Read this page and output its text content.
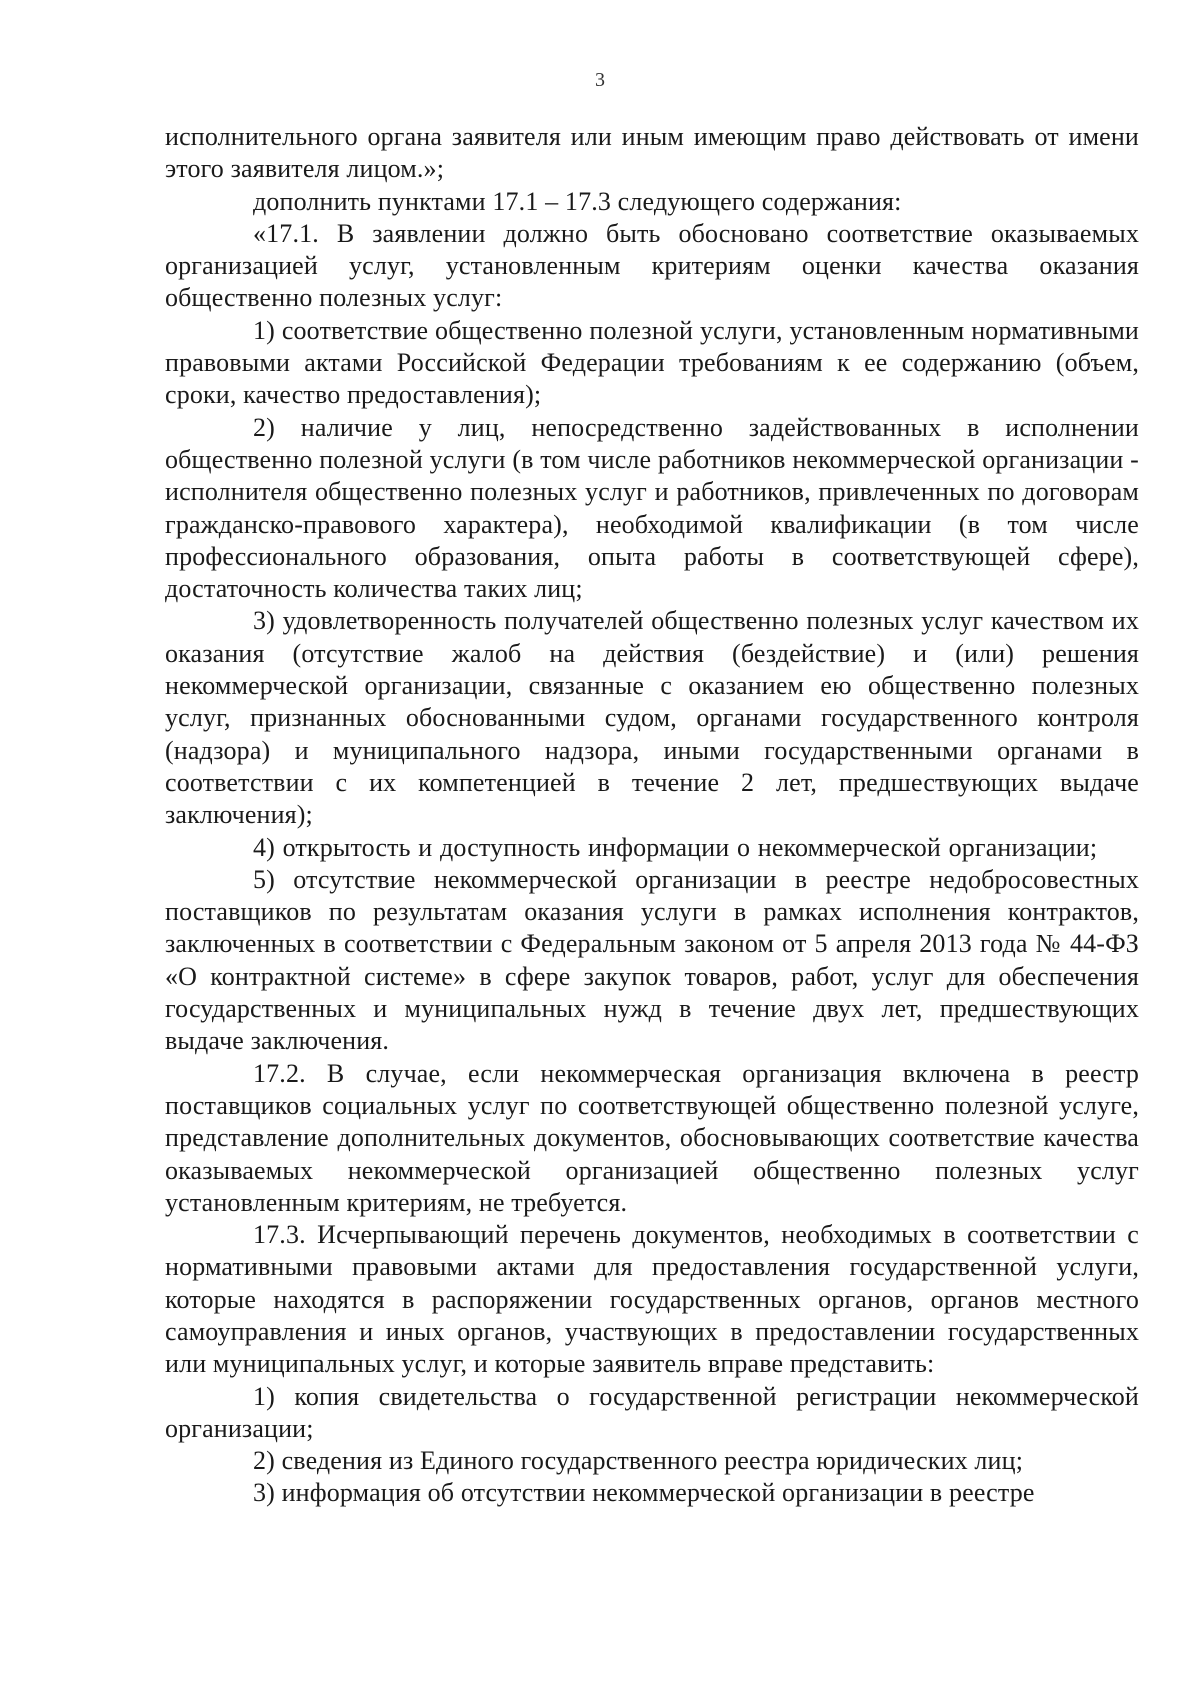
3

исполнительного органа заявителя или иным имеющим право действовать от имени этого заявителя лицом.»;

дополнить пунктами 17.1 – 17.3 следующего содержания:

«17.1. В заявлении должно быть обосновано соответствие оказываемых организацией услуг, установленным критериям оценки качества оказания общественно полезных услуг:

1) соответствие общественно полезной услуги, установленным нормативными правовыми актами Российской Федерации требованиям к ее содержанию (объем, сроки, качество предоставления);

2) наличие у лиц, непосредственно задействованных в исполнении общественно полезной услуги (в том числе работников некоммерческой организации - исполнителя общественно полезных услуг и работников, привлеченных по договорам гражданско-правового характера), необходимой квалификации (в том числе профессионального образования, опыта работы в соответствующей сфере), достаточность количества таких лиц;

3) удовлетворенность получателей общественно полезных услуг качеством их оказания (отсутствие жалоб на действия (бездействие) и (или) решения некоммерческой организации, связанные с оказанием ею общественно полезных услуг, признанных обоснованными судом, органами государственного контроля (надзора) и муниципального надзора, иными государственными органами в соответствии с их компетенцией в течение 2 лет, предшествующих выдаче заключения);

4) открытость и доступность информации о некоммерческой организации;

5) отсутствие некоммерческой организации в реестре недобросовестных поставщиков по результатам оказания услуги в рамках исполнения контрактов, заключенных в соответствии с Федеральным законом от 5 апреля 2013 года № 44-ФЗ «О контрактной системе» в сфере закупок товаров, работ, услуг для обеспечения государственных и муниципальных нужд в течение двух лет, предшествующих выдаче заключения.

17.2. В случае, если некоммерческая организация включена в реестр поставщиков социальных услуг по соответствующей общественно полезной услуге, представление дополнительных документов, обосновывающих соответствие качества оказываемых некоммерческой организацией общественно полезных услуг установленным критериям, не требуется.

17.3. Исчерпывающий перечень документов, необходимых в соответствии с нормативными правовыми актами для предоставления государственной услуги, которые находятся в распоряжении государственных органов, органов местного самоуправления и иных органов, участвующих в предоставлении государственных или муниципальных услуг, и которые заявитель вправе представить:

1) копия свидетельства о государственной регистрации некоммерческой организации;

2) сведения из Единого государственного реестра юридических лиц;

3) информация об отсутствии некоммерческой организации в реестре
